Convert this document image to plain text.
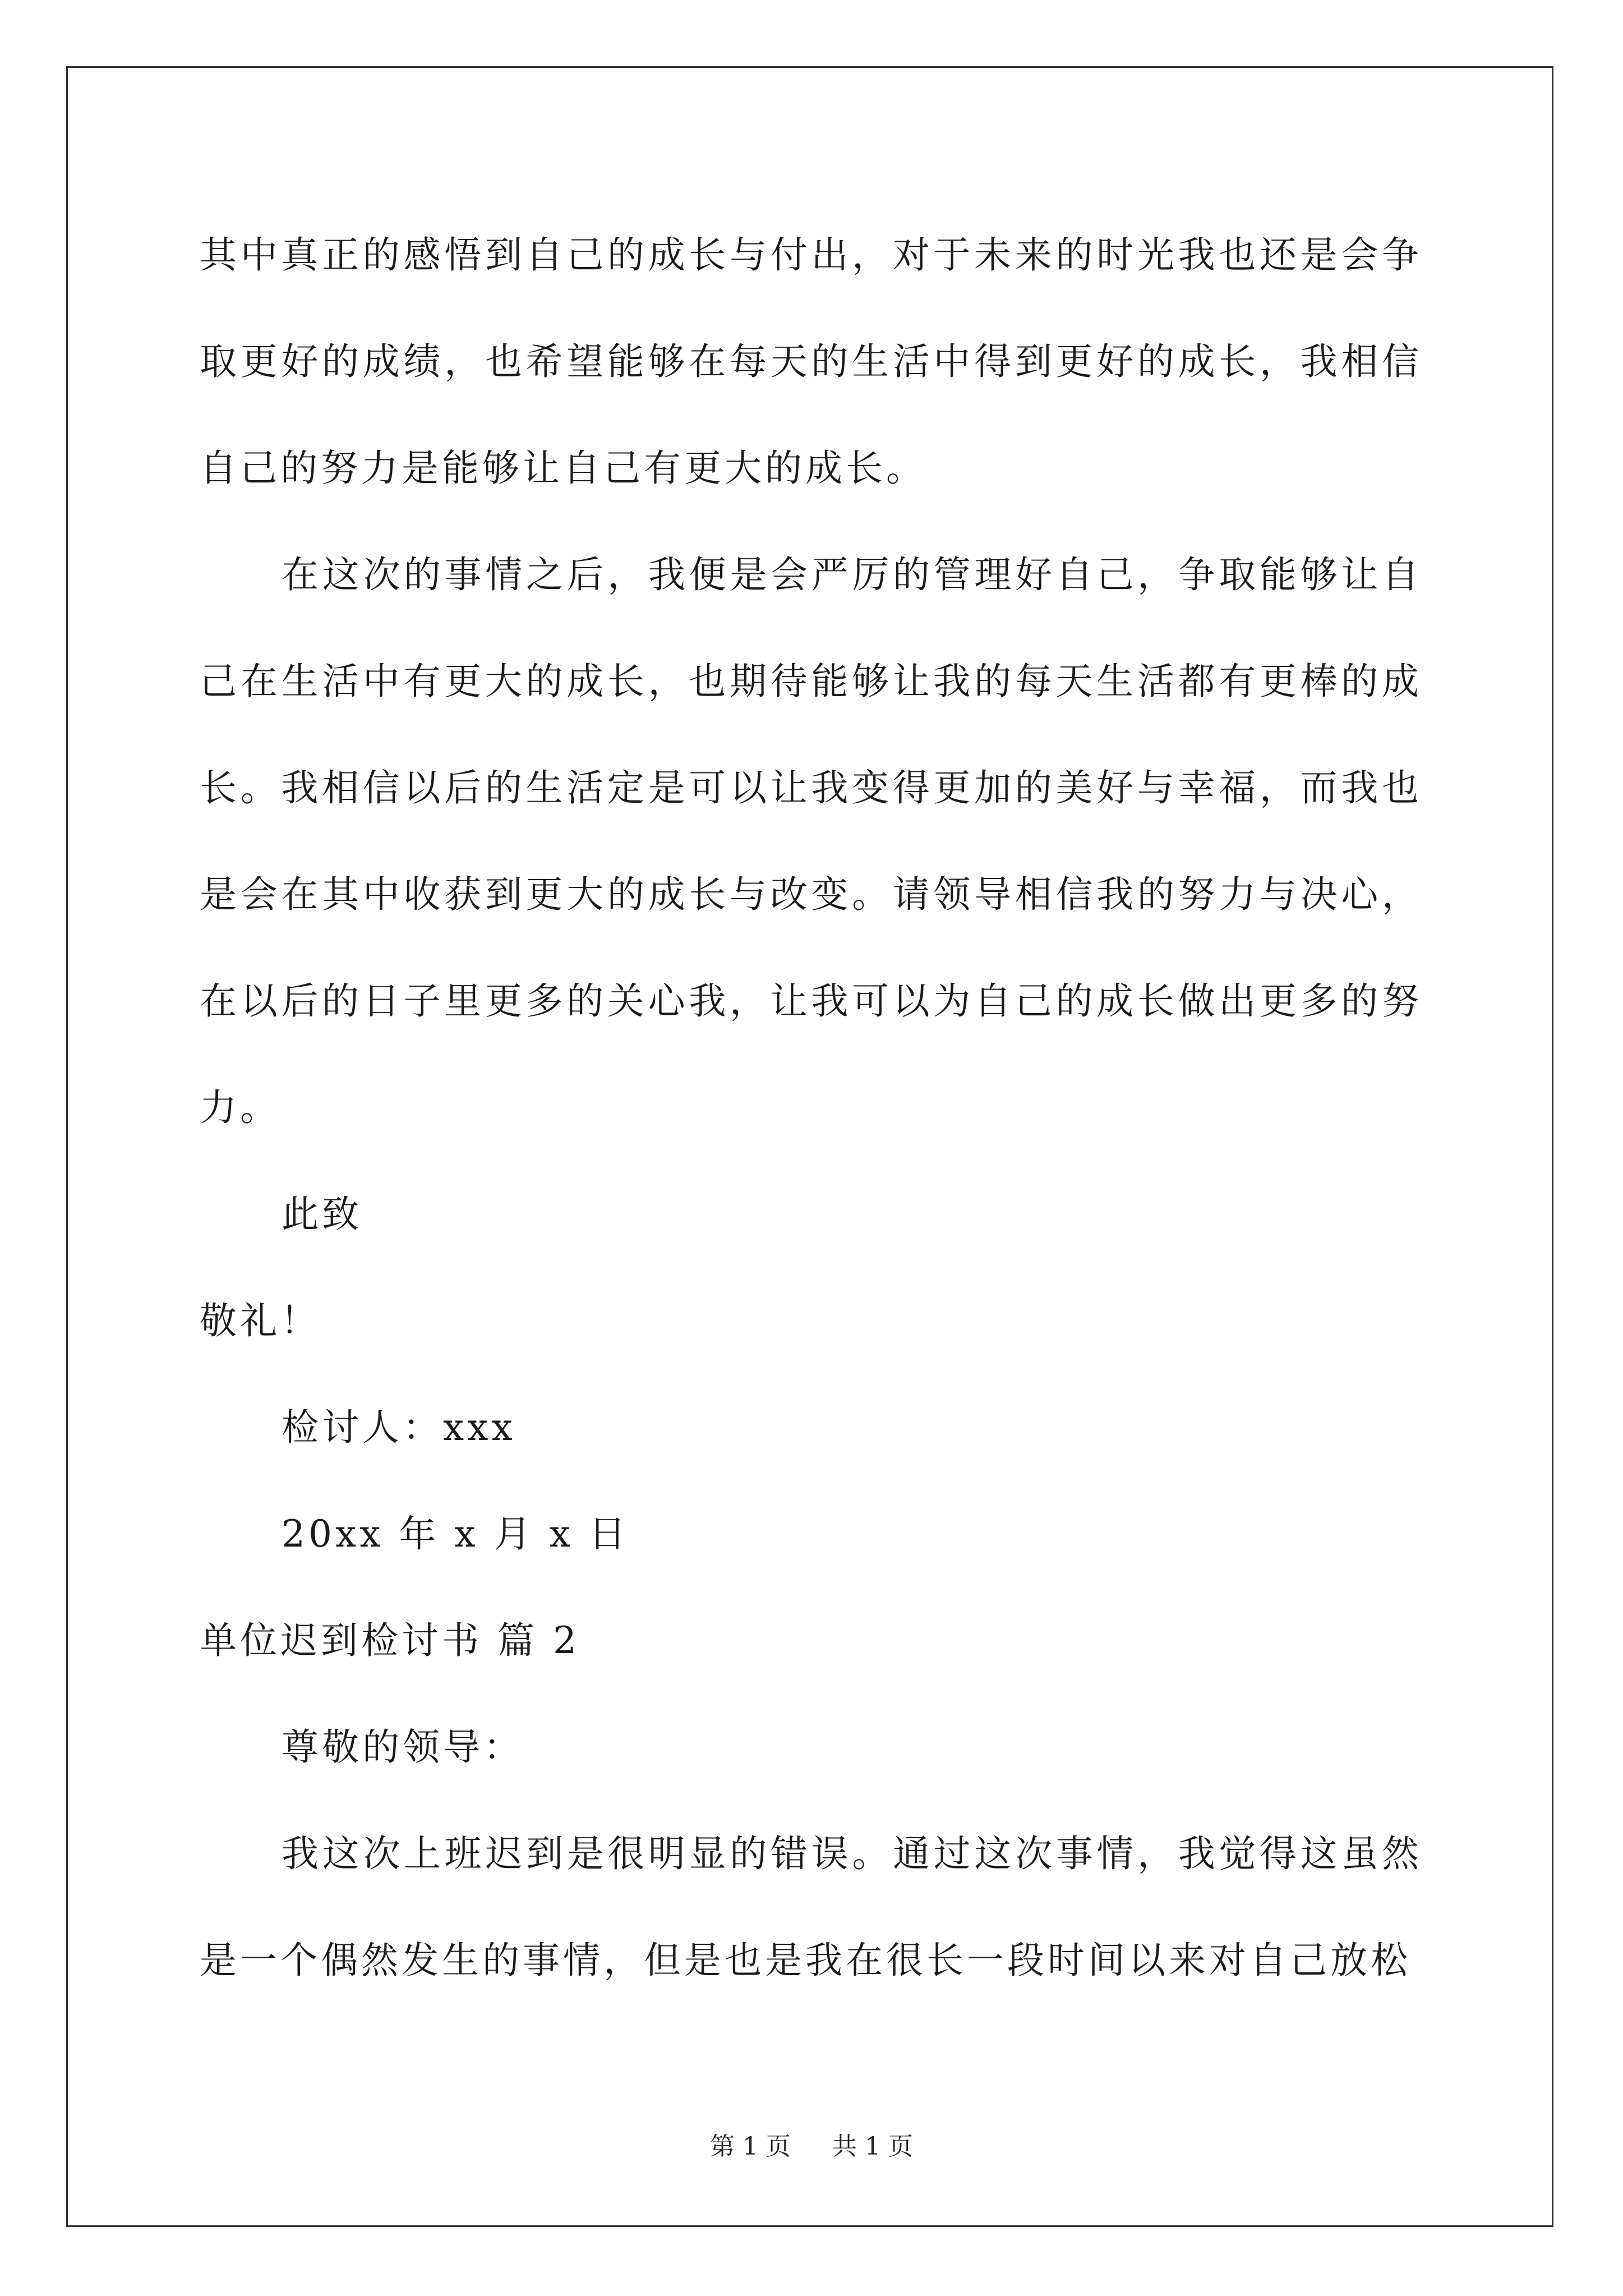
其中真正的感悟到自己的成长与付出，对于未来的时光我也还是会争取更好的成绩，也希望能够在每天的生活中得到更好的成长，我相信自己的努力是能够让自己有更大的成长。

在这次的事情之后，我便是会严厉的管理好自己，争取能够让自己在生活中有更大的成长，也期待能够让我的每天生活都有更棒的成长。我相信以后的生活定是可以让我变得更加的美好与幸福，而我也是会在其中收获到更大的成长与改变。请领导相信我的努力与决心，在以后的日子里更多的关心我，让我可以为自己的成长做出更多的努力。

此致

敬礼！

检讨人：xxx

20xx 年 x 月 x 日

单位迟到检讨书 篇 2

尊敬的领导：

我这次上班迟到是很明显的错误。通过这次事情，我觉得这虽然是一个偶然发生的事情，但是也是我在很长一段时间以来对自己放松

第 1 页 共 1 页
